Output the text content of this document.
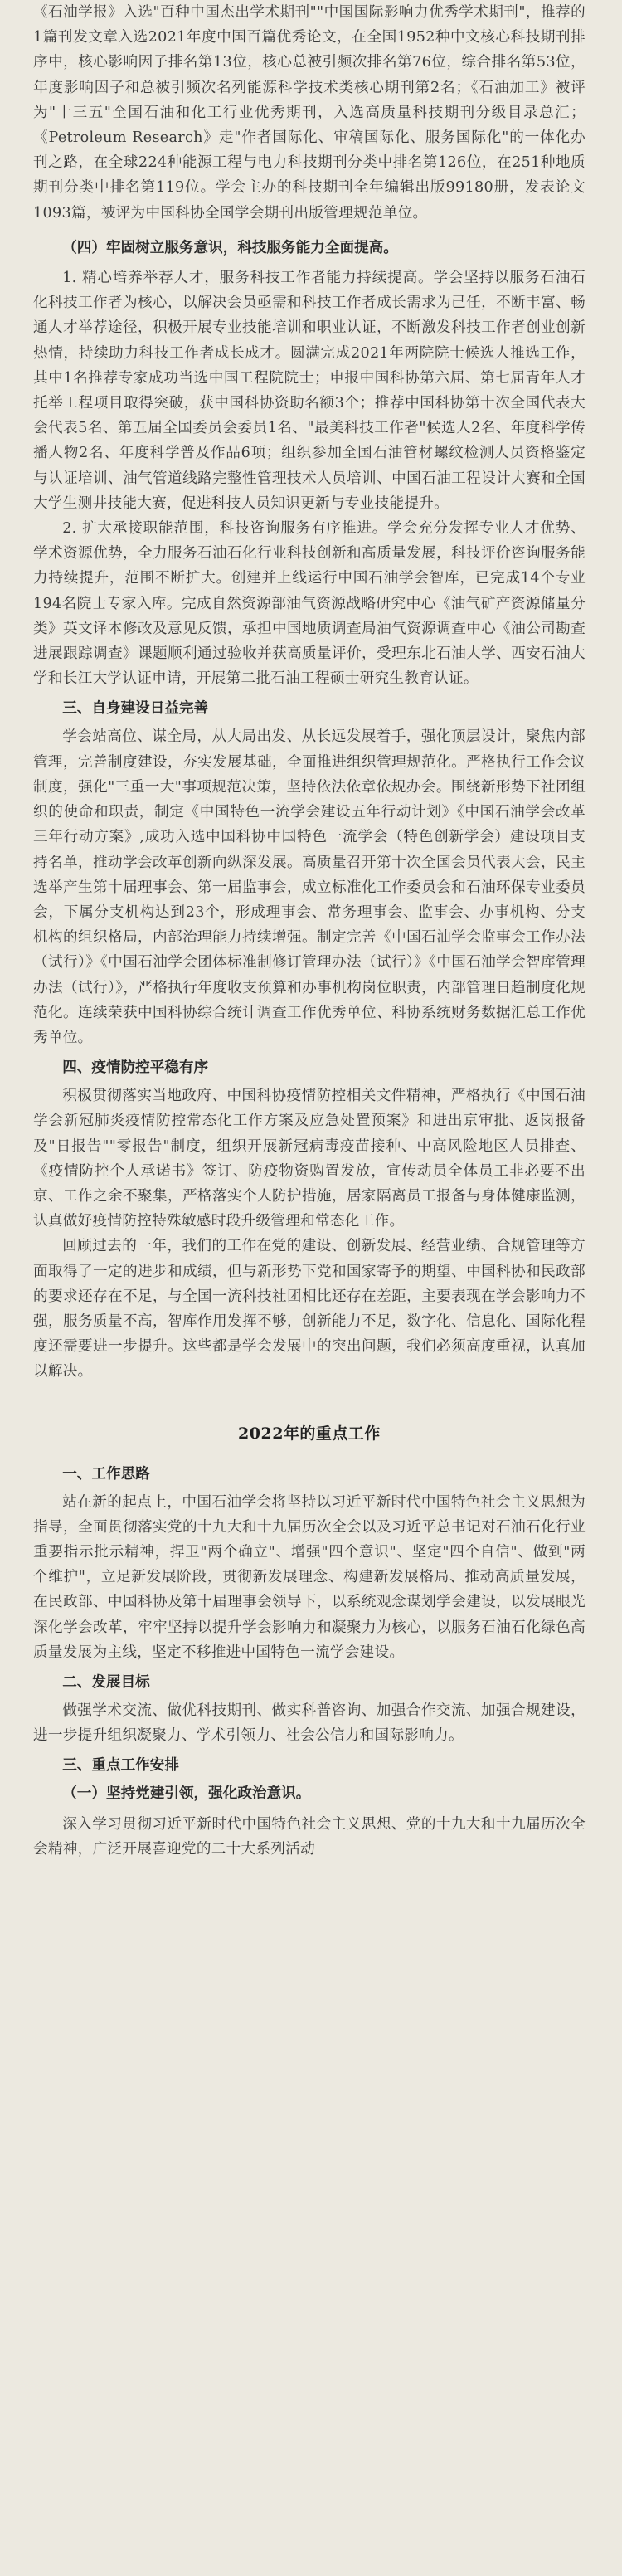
《石油学报》入选"百种中国杰出学术期刊""中国国际影响力优秀学术期刊"，推荐的1篇刊发文章入选2021年度中国百篇优秀论文，在全国1952种中文核心科技期刊排序中，核心影响因子排名第13位，核心总被引频次排名第76位，综合排名第53位，年度影响因子和总被引频次名列能源科学技术类核心期刊第2名；《石油加工》被评为"十三五"全国石油和化工行业优秀期刊，入选高质量科技期刊分级目录总汇；《Petroleum Research》走"作者国际化、审稿国际化、服务国际化"的一体化办刊之路，在全球224种能源工程与电力科技期刊分类中排名第126位，在251种地质期刊分类中排名第119位。学会主办的科技期刊全年编辑出版99180册，发表论文1093篇，被评为中国科协全国学会期刊出版管理规范单位。

（四）牢固树立服务意识，科技服务能力全面提高。

1. 精心培养举荐人才，服务科技工作者能力持续提高。学会坚持以服务石油石化科技工作者为核心，以解决会员亟需和科技工作者成长需求为己任，不断丰富、畅通人才举荐途径，积极开展专业技能培训和职业认证，不断激发科技工作者创业创新热情，持续助力科技工作者成长成才。圆满完成2021年两院院士候选人推选工作，其中1名推荐专家成功当选中国工程院院士；申报中国科协第六届、第七届青年人才托举工程项目取得突破，获中国科协资助名额3个；推荐中国科协第十次全国代表大会代表5名、第五届全国委员会委员1名、"最美科技工作者"候选人2名、年度科学传播人物2名、年度科学普及作品6项；组织参加全国石油管材螺纹检测人员资格鉴定与认证培训、油气管道线路完整性管理技术人员培训、中国石油工程设计大赛和全国大学生测井技能大赛，促进科技人员知识更新与专业技能提升。

2. 扩大承接职能范围，科技咨询服务有序推进。学会充分发挥专业人才优势、学术资源优势，全力服务石油石化行业科技创新和高质量发展，科技评价咨询服务能力持续提升，范围不断扩大。创建并上线运行中国石油学会智库，已完成14个专业194名院士专家入库。完成自然资源部油气资源战略研究中心《油气矿产资源储量分类》英文译本修改及意见反馈，承担中国地质调查局油气资源调查中心《油公司勘查进展跟踪调查》课题顺利通过验收并获高质量评价，受理东北石油大学、西安石油大学和长江大学认证申请，开展第二批石油工程硕士研究生教育认证。

三、自身建设日益完善

学会站高位、谋全局，从大局出发、从长远发展着手，强化顶层设计，聚焦内部管理，完善制度建设，夯实发展基础，全面推进组织管理规范化。严格执行工作会议制度，强化"三重一大"事项规范决策，坚持依法依章依规办会。围绕新形势下社团组织的使命和职责，制定《中国特色一流学会建设五年行动计划》《中国石油学会改革三年行动方案》,成功入选中国科协中国特色一流学会（特色创新学会）建设项目支持名单，推动学会改革创新向纵深发展。高质量召开第十次全国会员代表大会，民主选举产生第十届理事会、第一届监事会，成立标准化工作委员会和石油环保专业委员会，下属分支机构达到23个，形成理事会、常务理事会、监事会、办事机构、分支机构的组织格局，内部治理能力持续增强。制定完善《中国石油学会监事会工作办法（试行）》《中国石油学会团体标准制修订管理办法（试行）》《中国石油学会智库管理办法（试行）》，严格执行年度收支预算和办事机构岗位职责，内部管理日趋制度化规范化。连续荣获中国科协综合统计调查工作优秀单位、科协系统财务数据汇总工作优秀单位。

四、疫情防控平稳有序

积极贯彻落实当地政府、中国科协疫情防控相关文件精神，严格执行《中国石油学会新冠肺炎疫情防控常态化工作方案及应急处置预案》和进出京审批、返岗报备及"日报告""零报告"制度，组织开展新冠病毒疫苗接种、中高风险地区人员排查、《疫情防控个人承诺书》签订、防疫物资购置发放，宣传动员全体员工非必要不出京、工作之余不聚集，严格落实个人防护措施，居家隔离员工报备与身体健康监测，认真做好疫情防控特殊敏感时段升级管理和常态化工作。

回顾过去的一年，我们的工作在党的建设、创新发展、经营业绩、合规管理等方面取得了一定的进步和成绩，但与新形势下党和国家寄予的期望、中国科协和民政部的要求还存在不足，与全国一流科技社团相比还存在差距，主要表现在学会影响力不强，服务质量不高，智库作用发挥不够，创新能力不足，数字化、信息化、国际化程度还需要进一步提升。这些都是学会发展中的突出问题，我们必须高度重视，认真加以解决。

2022年的重点工作
一、工作思路

站在新的起点上，中国石油学会将坚持以习近平新时代中国特色社会主义思想为指导，全面贯彻落实党的十九大和十九届历次全会以及习近平总书记对石油石化行业重要指示批示精神，捍卫"两个确立"、增强"四个意识"、坚定"四个自信"、做到"两个维护"，立足新发展阶段，贯彻新发展理念、构建新发展格局、推动高质量发展，在民政部、中国科协及第十届理事会领导下，以系统观念谋划学会建设，以发展眼光深化学会改革，牢牢坚持以提升学会影响力和凝聚力为核心，以服务石油石化绿色高质量发展为主线，坚定不移推进中国特色一流学会建设。

二、发展目标

做强学术交流、做优科技期刊、做实科普咨询、加强合作交流、加强合规建设，进一步提升组织凝聚力、学术引领力、社会公信力和国际影响力。

三、重点工作安排
（一）坚持党建引领，强化政治意识。

深入学习贯彻习近平新时代中国特色社会主义思想、党的十九大和十九届历次全会精神，广泛开展喜迎党的二十大系列活动
